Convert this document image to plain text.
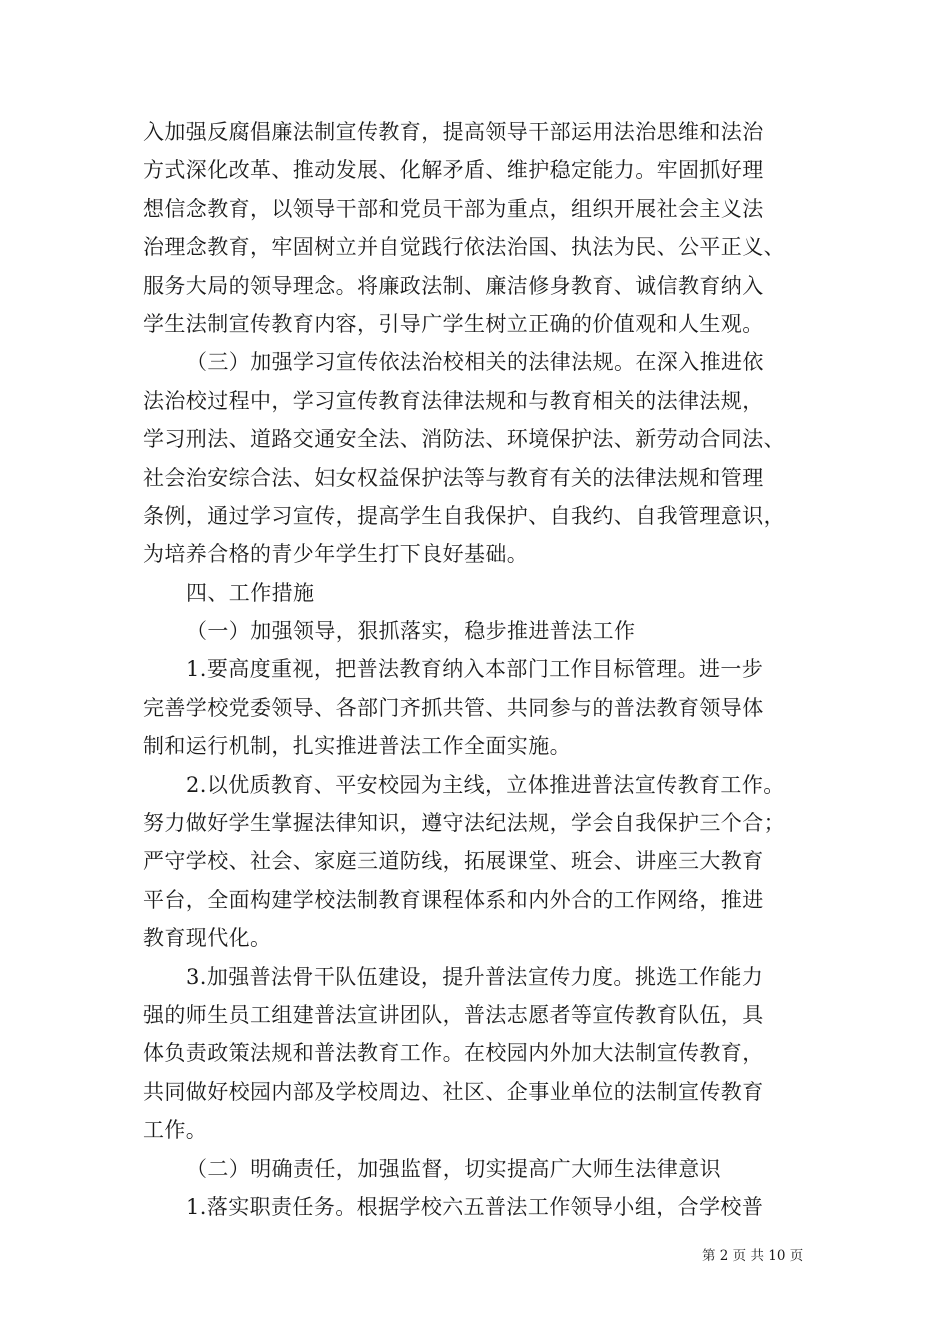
入加强反腐倡廉法制宣传教育，提高领导干部运用法治思维和法治
方式深化改革、推动发展、化解矛盾、维护稳定能力。牢固抓好理
想信念教育，以领导干部和党员干部为重点，组织开展社会主义法
治理念教育，牢固树立并自觉践行依法治国、执法为民、公平正义、
服务大局的领导理念。将廉政法制、廉洁修身教育、诚信教育纳入
学生法制宣传教育内容，引导广学生树立正确的价值观和人生观。
（三）加强学习宣传依法治校相关的法律法规。在深入推进依
法治校过程中，学习宣传教育法律法规和与教育相关的法律法规，
学习刑法、道路交通安全法、消防法、环境保护法、新劳动合同法、
社会治安综合法、妇女权益保护法等与教育有关的法律法规和管理
条例，通过学习宣传，提高学生自我保护、自我约、自我管理意识，
为培养合格的青少年学生打下良好基础。
四、工作措施
（一）加强领导，狠抓落实，稳步推进普法工作
1.要高度重视，把普法教育纳入本部门工作目标管理。进一步
完善学校党委领导、各部门齐抓共管、共同参与的普法教育领导体
制和运行机制，扎实推进普法工作全面实施。
2.以优质教育、平安校园为主线，立体推进普法宣传教育工作。
努力做好学生掌握法律知识，遵守法纪法规，学会自我保护三个合；
严守学校、社会、家庭三道防线，拓展课堂、班会、讲座三大教育
平台，全面构建学校法制教育课程体系和内外合的工作网络，推进
教育现代化。
3.加强普法骨干队伍建设，提升普法宣传力度。挑选工作能力
强的师生员工组建普法宣讲团队，普法志愿者等宣传教育队伍，具
体负责政策法规和普法教育工作。在校园内外加大法制宣传教育，
共同做好校园内部及学校周边、社区、企事业单位的法制宣传教育
工作。
（二）明确责任，加强监督，切实提高广大师生法律意识
1.落实职责任务。根据学校六五普法工作领导小组，合学校普
第 2 页 共 10 页
